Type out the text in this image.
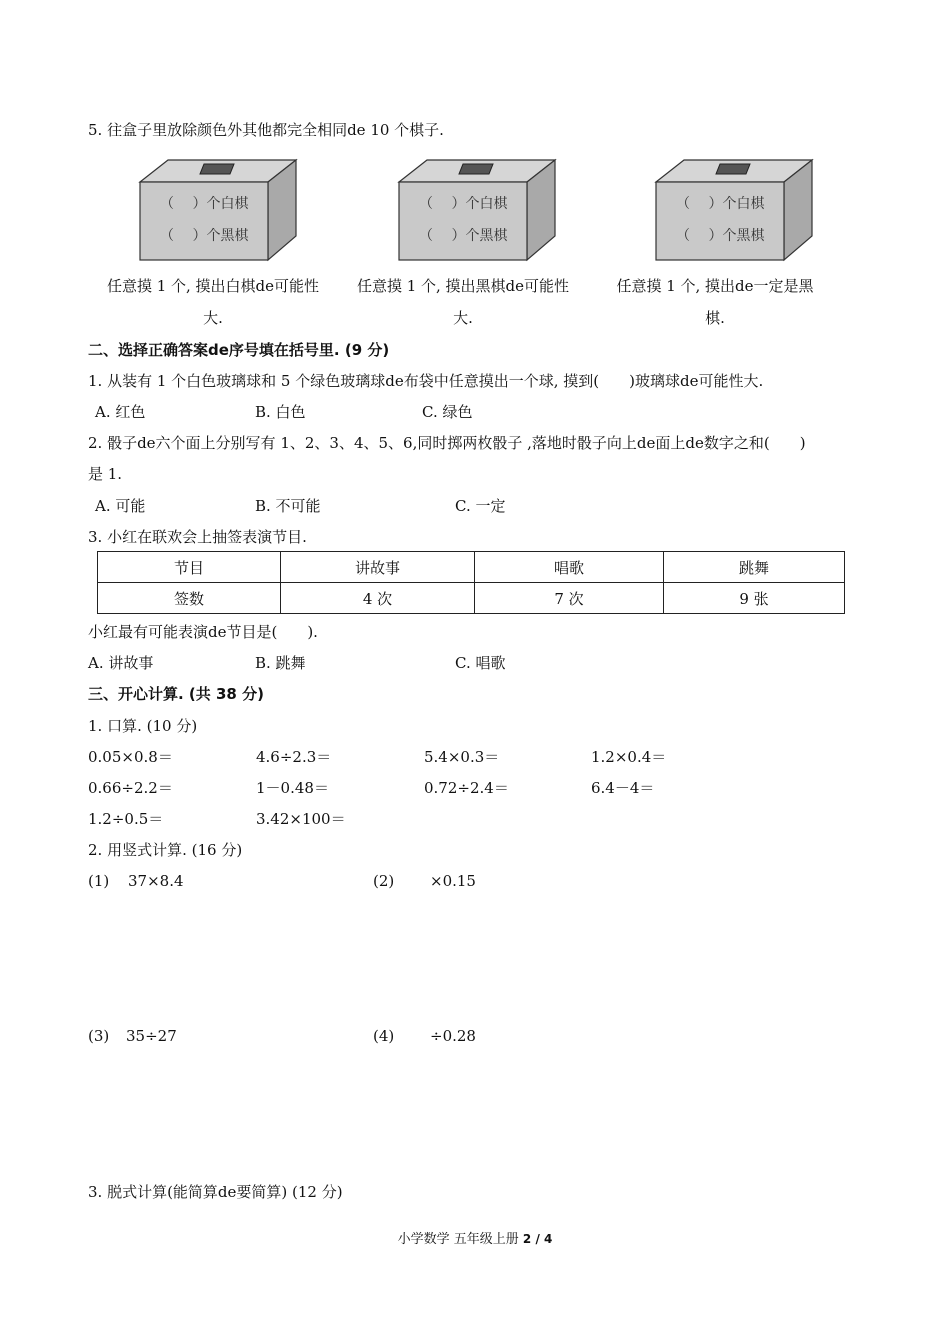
5. 往盒子里放除颜色外其他都完全相同de 10 个棋子.
（　 ）个白棋
（　 ）个黑棋
（　 ）个白棋
（　 ）个黑棋
（　 ）个白棋
（　 ）个黑棋
任意摸 1 个, 摸出白棋de可能性
大.
任意摸 1 个, 摸出黑棋de可能性
大.
任意摸 1 个, 摸出de一定是黑
棋.
二、选择正确答案de序号填在括号里. (9 分)
1. 从装有 1 个白色玻璃球和 5 个绿色玻璃球de布袋中任意摸出一个球, 摸到(　　)玻璃球de可能性大.
A. 红色	B. 白色	C. 绿色
2. 骰子de六个面上分别写有 1、2、3、4、5、6,同时掷两枚骰子 ,落地时骰子向上de面上de数字之和(　　)
是 1.
A. 可能	B. 不可能	C. 一定
3. 小红在联欢会上抽签表演节目.
节目	讲故事	唱歌	跳舞
签数	4 次	7 次	9 张
小红最有可能表演de节目是(　　).
A. 讲故事	B. 跳舞	C. 唱歌
三、开心计算. (共 38 分)
1. 口算. (10 分)
0.05×0.8＝	4.6÷2.3＝	5.4×0.3＝	1.2×0.4＝
0.66÷2.2＝	1－0.48＝	0.72÷2.4＝	6.4－4＝
1.2÷0.5＝	3.42×100＝
2. 用竖式计算. (16 分)
(1) 37×8.4	(2) ×0.15
(3) 35÷27	(4) ÷0.28
3. 脱式计算(能简算de要简算) (12 分)
小学数学 五年级上册 2 / 4
